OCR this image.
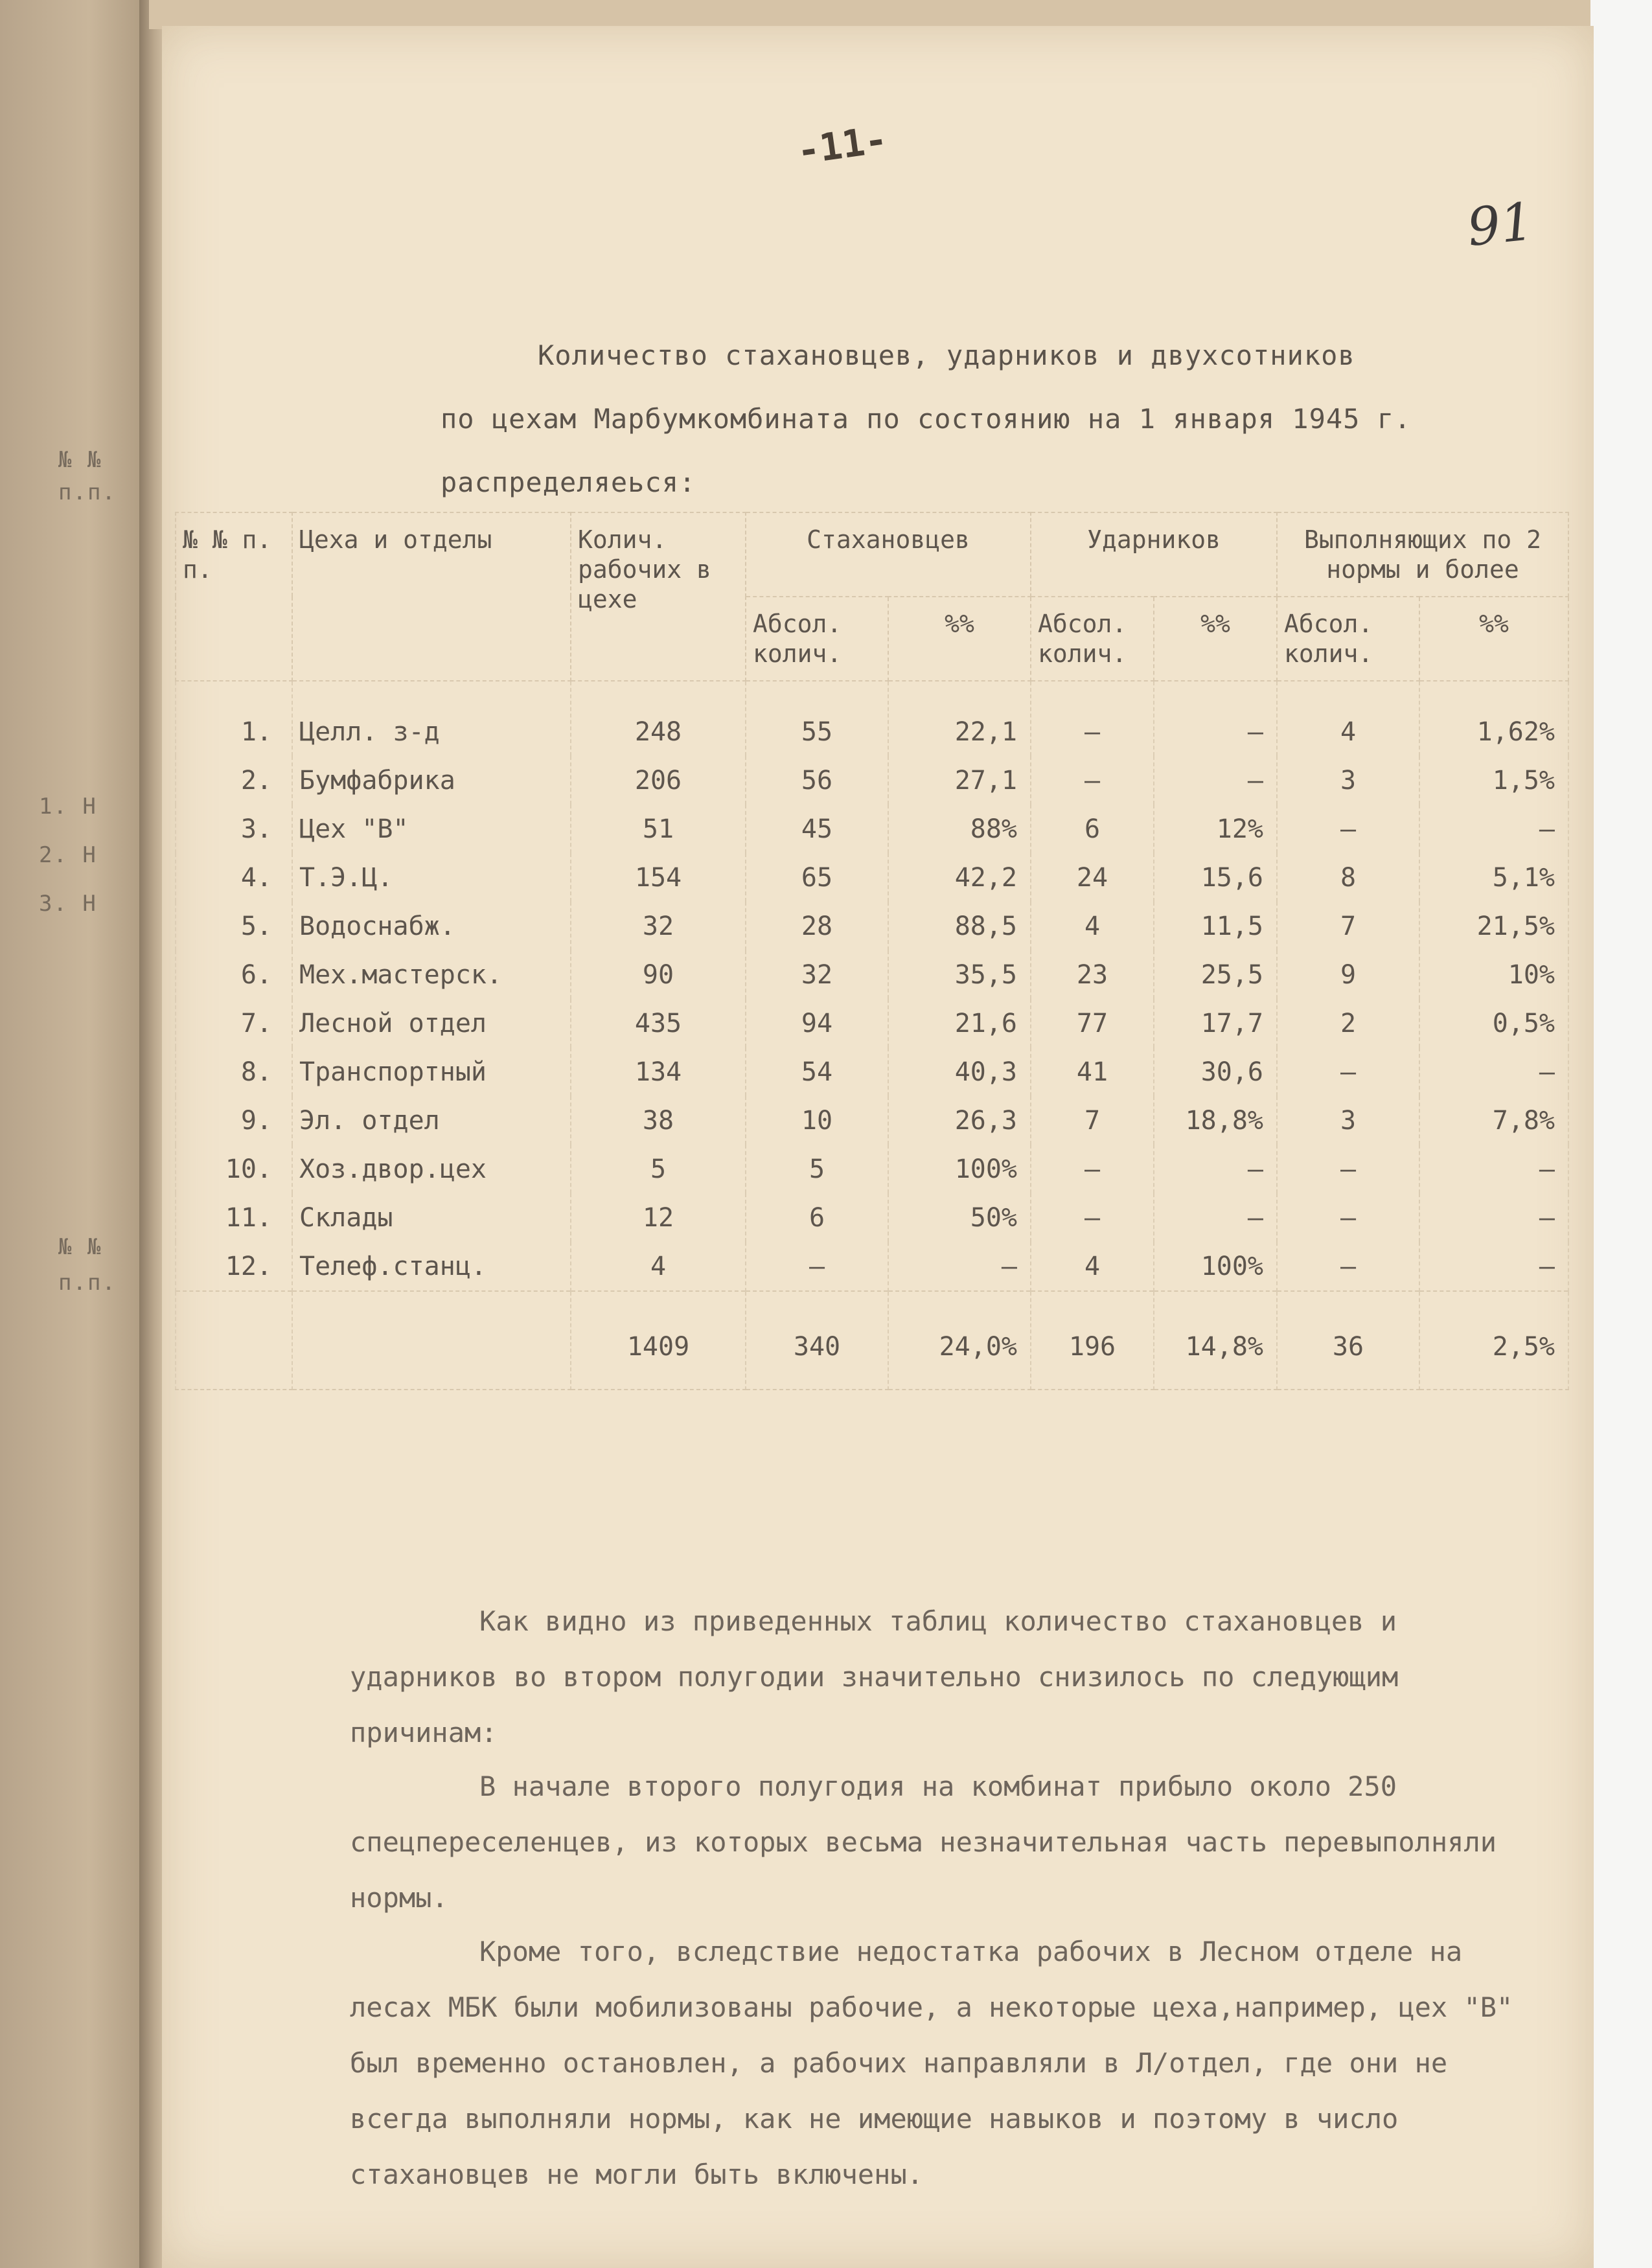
№ №
п.п.
1. Н
2. Н
3. Н
№ №
п.п.
-11-
91
Количество стахановцев, ударников и двухсотников
по цехам Марбумкомбината по состоянию на 1 января 1945 г.
распределяеься:
№ № п. п.	Цеха и отделы	Колич. рабочих в цехе	Стахановцев		Ударников		Выполняющих по 2 нормы и более	
			Абсол. колич.	%%	Абсол. колич.	%%	Абсол. колич.	%%
1.	Целл. з-д	248	55	22,1	–	–	4	1,62%
2.	Бумфабрика	206	56	27,1	–	–	3	1,5%
3.	Цех "В"	51	45	88%	6	12%	–	–
4.	Т.Э.Ц.	154	65	42,2	24	15,6	8	5,1%
5.	Водоснабж.	32	28	88,5	4	11,5	7	21,5%
6.	Мех.мастерск.	90	32	35,5	23	25,5	9	10%
7.	Лесной отдел	435	94	21,6	77	17,7	2	0,5%
8.	Транспортный	134	54	40,3	41	30,6	–	–
9.	Эл. отдел	38	10	26,3	7	18,8%	3	7,8%
10.	Хоз.двор.цех	5	5	100%	–	–	–	–
11.	Склады	12	6	50%	–	–	–	–
12.	Телеф.станц.	4	–	–	4	100%	–	–
		1409	340	24,0%	196	14,8%	36	2,5%
Как видно из приведенных таблиц количество стахановцев и ударников во втором полугодии значительно снизилось по следующим причинам:
В начале второго полугодия на комбинат прибыло около 250 спецпереселенцев, из которых весьма незначительная часть перевыполняли нормы.
Кроме того, вследствие недостатка рабочих в Лесном отделе на лесах МБК были мобилизованы рабочие, а некоторые цеха,например, цех "В" был временно остановлен, а рабочих направляли в Л/отдел, где они не всегда выполняли нормы, как не имеющие навыков и поэтому в число стахановцев не могли быть включены.
